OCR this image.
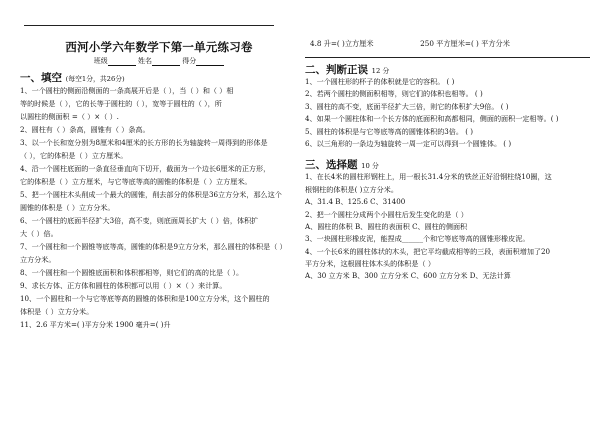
4.8 升=( )立方厘米	250 平方厘米=( ) 平方分米
西河小学六年数学下第一单元练习卷
班级	姓名	得分
一、填空 (每空1分，共26分)
1、一个圆柱的侧面沿侧面的一条高展开后是（ ），当（ ）和（ ）相
等的时候是（ ），它的长等于圆柱的（ ），宽等于圆柱的（ ），所
以圆柱的侧面积 =（ ）×（ ）.
2、圆柱有（ ）条高，圆锥有（ ）条高。
3、以一个长和宽分别为8厘米和4厘米的长方形的长为轴旋转一周得到的形体是
（ ），它的体积是（ ）立方厘米。
4、沿一个圆柱底面的一条直径垂直向下切开，截面为一个边长6厘米的正方形，
它的体积是（ ）立方厘米，与它等底等高的圆锥的体积是（ ）立方厘米。
5、把一个圆柱木头削成一个最大的圆锥，削去部分的体积是36立方分米，那么这个
圆锥的体积是（ ）立方分米。
6、一个圆柱的底面半径扩大3倍，高不变，则底面周长扩大（ ）倍，体积扩
大（ ）倍。
7、一个圆柱和一个圆锥等底等高，圆锥的体积是9立方分米，那么圆柱的体积是（ ）
立方分米。
8、一个圆柱和一个圆锥底面积和体积都相等，则它们的高的比是（ ）。
9、求长方体、正方体和圆柱的体积都可以用（ ）×（ ）来计算。
10、一个圆柱和一个与它等底等高的圆锥的体积和是100立方分米，这个圆柱的
体积是（ ）立方分米。
11、2.6 平方米=( )平方分米 1900 毫升=( )升
二、判断正误 12 分
1、一个圆柱形的杯子的体积就是它的容积。 ( )
2、若两个圆柱的侧面积相等，则它们的体积也相等。 ( )
3、圆柱的高不变，底面半径扩大三倍，则它的体积扩大9倍。 ( )
4、如果一个圆柱体和一个长方体的底面积和高都相同，侧面的面积一定相等。( )
5、圆柱的体积是与它等底等高的圆锥体积的3倍。 ( )
6、以三角形的一条边为轴旋转一周一定可以得到一个圆锥体。 ( )
三、选择题 10 分
1、在长4米的圆柱形钢柱上，用一根长31.4分米的铁丝正好沿钢柱绕10圈，这
根钢柱的体积是( )立方分米。
A、31.4 B、125.6 C、31400
2、把一个圆柱分成两个小圆柱后发生变化的是（ ）
A、圆柱的体积 B、圆柱的表面积 C、圆柱的侧面积
3、一块圆柱形橡皮泥，能捏成______个和它等底等高的圆锥形橡皮泥。
4、一个长6米的圆柱体状的木头，把它平均截成相等的三段，表面积增加了20
平方分米，这根圆柱体木头的体积是（ ）
A、30 立方米 B、300 立方分米 C、600 立方分米 D、无法计算
